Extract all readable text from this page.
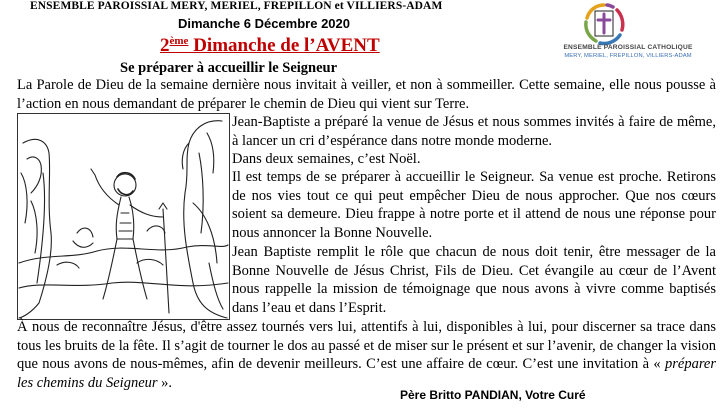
ENSEMBLE PAROISSIAL MERY, MERIEL, FREPILLON et VILLIERS-ADAM
Dimanche 6 Décembre 2020
2ème Dimanche de l’AVENT
Se préparer à accueillir le Seigneur
ENSEMBLE PAROISSIAL CATHOLIQUE
MERY, MERIEL, FREPILLON, VILLIERS-ADAM
La Parole de Dieu de la semaine dernière nous invitait à veiller, et non à sommeiller. Cette semaine, elle nous pousse à l’action en nous demandant de préparer le chemin de Dieu qui vient sur Terre.
Jean-Baptiste a préparé la venue de Jésus et nous sommes invités à faire de même, à lancer un cri d’espérance dans notre monde moderne.
Dans deux semaines, c’est Noël.
Il est temps de se préparer à accueillir le Seigneur. Sa venue est proche. Retirons de nos vies tout ce qui peut empêcher Dieu de nous approcher. Que nos cœurs soient sa demeure. Dieu frappe à notre porte et il attend de nous une réponse pour nous annoncer la Bonne Nouvelle.
Jean Baptiste remplit le rôle que chacun de nous doit tenir, être messager de la Bonne Nouvelle de Jésus Christ, Fils de Dieu. Cet évangile au cœur de l’Avent nous rappelle la mission de témoignage que nous avons à vivre comme baptisés dans l’eau et dans l’Esprit.
À nous de reconnaître Jésus, d'être assez tournés vers lui, attentifs à lui, disponibles à lui, pour discerner sa trace dans tous les bruits de la fête. Il s’agit de tourner le dos au passé et de miser sur le présent et sur l’avenir, de changer la vision que nous avons de nous-mêmes, afin de devenir meilleurs. C’est une affaire de cœur. C’est une invitation à « préparer les chemins du Seigneur ».
Père Britto PANDIAN, Votre Curé
